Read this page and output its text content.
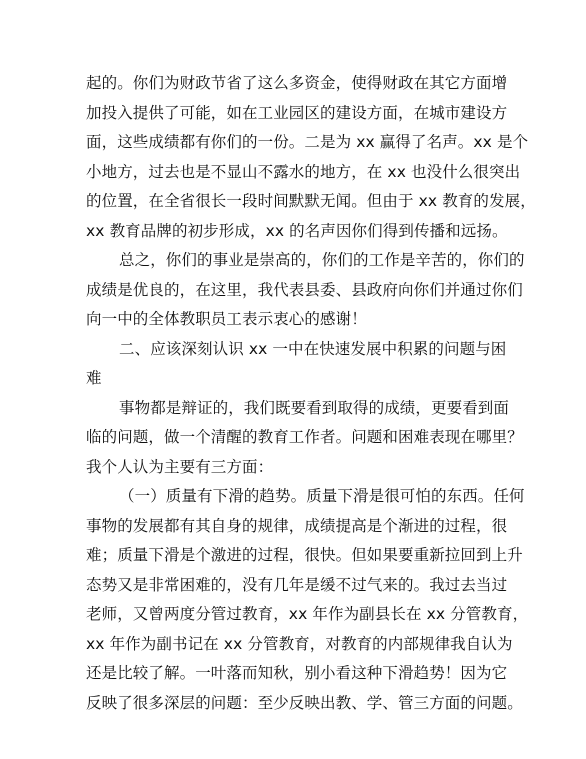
起的。你们为财政节省了这么多资金，使得财政在其它方面增
加投入提供了可能，如在工业园区的建设方面，在城市建设方
面，这些成绩都有你们的一份。二是为 xx 赢得了名声。xx 是个
小地方，过去也是不显山不露水的地方，在 xx 也没什么很突出
的位置，在全省很长一段时间默默无闻。但由于 xx 教育的发展，
xx 教育品牌的初步形成，xx 的名声因你们得到传播和远扬。
总之，你们的事业是崇高的，你们的工作是辛苦的，你们的
成绩是优良的，在这里，我代表县委、县政府向你们并通过你们
向一中的全体教职员工表示衷心的感谢！
二、应该深刻认识 xx 一中在快速发展中积累的问题与困
难
事物都是辩证的，我们既要看到取得的成绩，更要看到面
临的问题，做一个清醒的教育工作者。问题和困难表现在哪里？
我个人认为主要有三方面：
（一）质量有下滑的趋势。质量下滑是很可怕的东西。任何
事物的发展都有其自身的规律，成绩提高是个渐进的过程，很
难；质量下滑是个激进的过程，很快。但如果要重新拉回到上升
态势又是非常困难的，没有几年是缓不过气来的。我过去当过
老师，又曾两度分管过教育，xx 年作为副县长在 xx 分管教育，
xx 年作为副书记在 xx 分管教育，对教育的内部规律我自认为
还是比较了解。一叶落而知秋，别小看这种下滑趋势！因为它
反映了很多深层的问题：至少反映出教、学、管三方面的问题。
